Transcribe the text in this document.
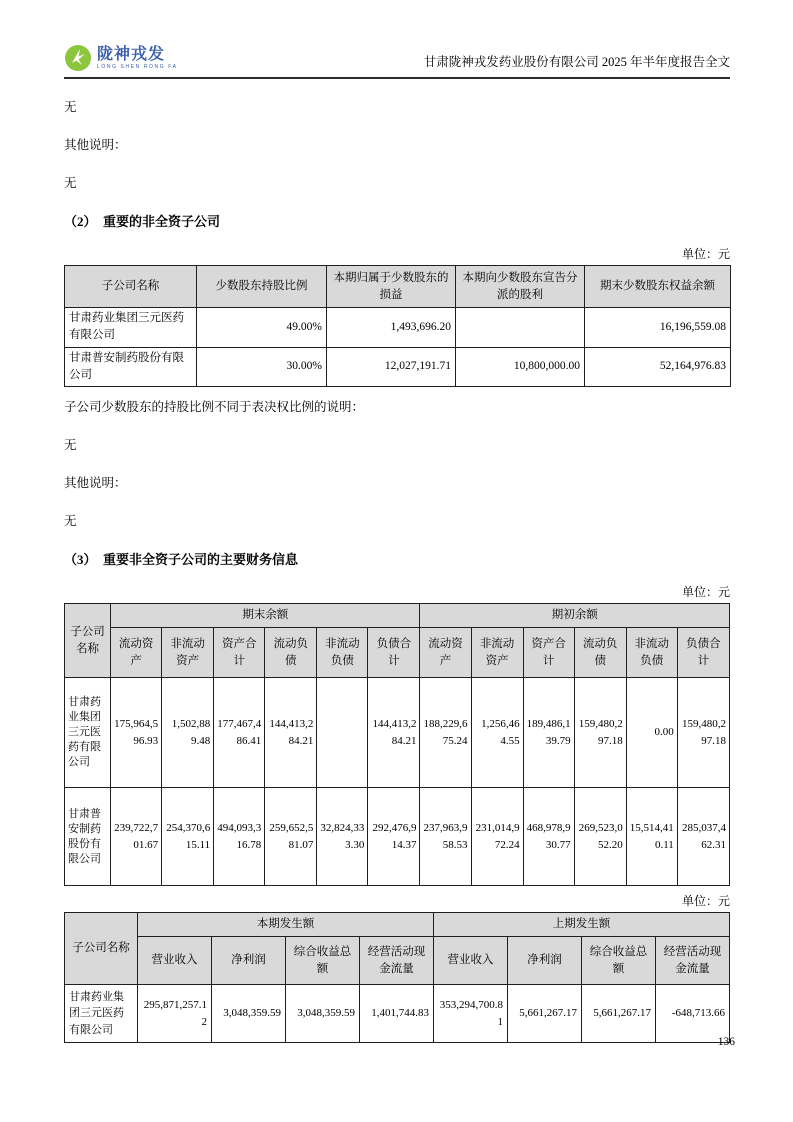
陇神戎发
LONG SHEN RONG FA	甘肃陇神戎发药业股份有限公司 2025 年半年度报告全文

无

其他说明：

无

（2）　重要的非全资子公司

单位：元

子公司名称	少数股东持股比例	本期归属于少数股东的损益	本期向少数股东宣告分派的股利	期末少数股东权益余额
甘肃药业集团三元医药有限公司	49.00%	1,493,696.20		16,196,559.08
甘肃普安制药股份有限公司	30.00%	12,027,191.71	10,800,000.00	52,164,976.83

子公司少数股东的持股比例不同于表决权比例的说明：

无

其他说明：

无

（3）　重要非全资子公司的主要财务信息

单位：元

子公司名称	期末余额						期初余额					
	流动资产	非流动资产	资产合计	流动负债	非流动负债	负债合计	流动资产	非流动资产	资产合计	流动负债	非流动负债	负债合计
甘肃药业集团三元医药有限公司	175,964,596.93	1,502,889.48	177,467,486.41	144,413,284.21		144,413,284.21	188,229,675.24	1,256,464.55	189,486,139.79	159,480,297.18	0.00	159,480,297.18
甘肃普安制药股份有限公司	239,722,701.67	254,370,615.11	494,093,316.78	259,652,581.07	32,824,333.30	292,476,914.37	237,963,958.53	231,014,972.24	468,978,930.77	269,523,052.20	15,514,410.11	285,037,462.31

单位：元

子公司名称	本期发生额				上期发生额			
	营业收入	净利润	综合收益总额	经营活动现金流量	营业收入	净利润	综合收益总额	经营活动现金流量
甘肃药业集团三元医药有限公司	295,871,257.12	3,048,359.59	3,048,359.59	1,401,744.83	353,294,700.81	5,661,267.17	5,661,267.17	-648,713.66
136
